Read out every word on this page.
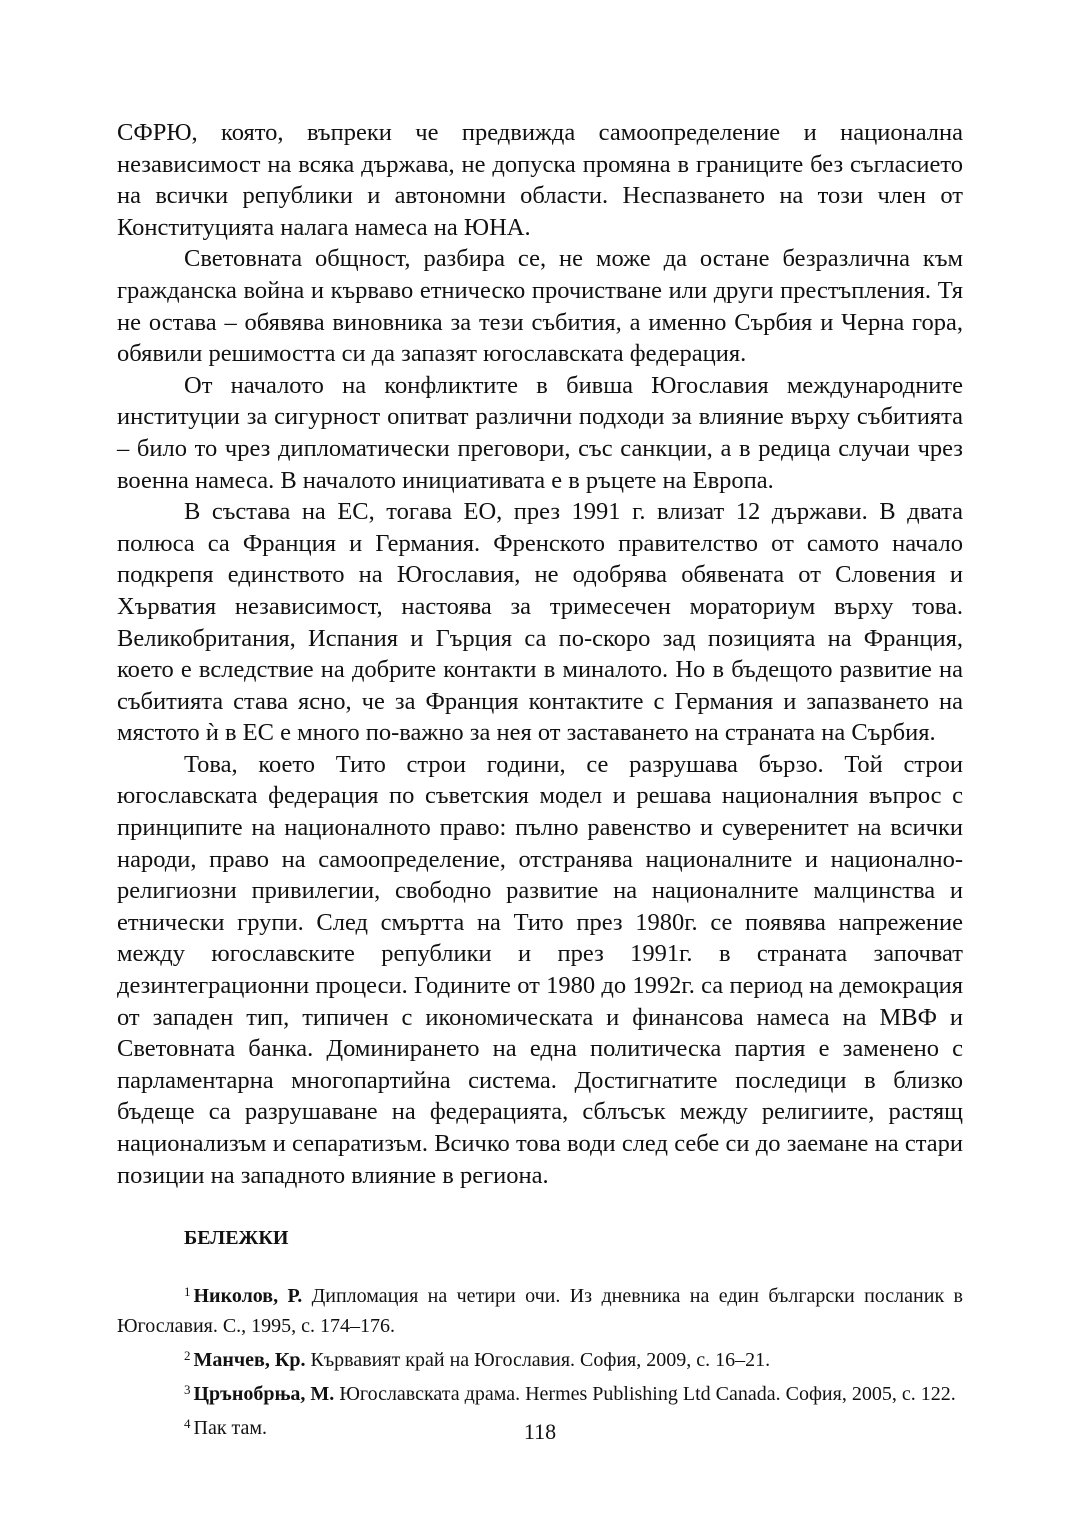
СФРЮ, която, въпреки че предвижда самоопределение и национална независимост на всяка държава, не допуска промяна в границите без съгласието на всички републики и автономни области. Неспазването на този член от Конституцията налага намеса на ЮНА.

Световната общност, разбира се, не може да остане безразлична към гражданска война и кърваво етническо прочистване или други престъпления. Тя не остава – обявява виновника за тези събития, а именно Сърбия и Черна гора, обявили решимостта си да запазят югославската федерация.

От началото на конфликтите в бивша Югославия международните институции за сигурност опитват различни подходи за влияние върху събитията – било то чрез дипломатически преговори, със санкции, а в редица случаи чрез военна намеса. В началото инициативата е в ръцете на Европа.

В състава на ЕС, тогава ЕО, през 1991 г. влизат 12 държави. В двата полюса са Франция и Германия. Френското правителство от самото начало подкрепя единството на Югославия, не одобрява обявената от Словения и Хърватия независимост, настоява за тримесечен мораториум върху това. Великобритания, Испания и Гърция са по-скоро зад позицията на Франция, което е вследствие на добрите контакти в миналото. Но в бъдещото развитие на събитията става ясно, че за Франция контактите с Германия и запазването на мястото ѝ в ЕС е много по-важно за нея от заставането на страната на Сърбия.

Това, което Тито строи години, се разрушава бързо. Той строи югославската федерация по съветския модел и решава националния въпрос с принципите на националното право: пълно равенство и суверенитет на всички народи, право на самоопределение, отстранява националните и национално-религиозни привилегии, свободно развитие на националните малцинства и етнически групи. След смъртта на Тито през 1980г. се появява напрежение между югославските републики и през 1991г. в страната започват дезинтеграционни процеси. Годините от 1980 до 1992г. са период на демокрация от западен тип, типичен с икономическата и финансова намеса на МВФ и Световната банка. Доминирането на една политическа партия е заменено с парламентарна многопартийна система. Достигнатите последици в близко бъдеще са разрушаване на федерацията, сблъсък между религиите, растящ национализъм и сепаратизъм. Всичко това води след себе си до заемане на стари позиции на западното влияние в региона.

БЕЛЕЖКИ

$^1$ Николов, Р. Дипломация на четири очи. Из дневника на един български посланик в Югославия. С., 1995, с. 174–176.

$^2$ Манчев, Кр. Кървавият край на Югославия. София, 2009, с. 16–21.

$^3$ Црънобрња, М. Югославската драма. Hermes Publishing Ltd Canada. София, 2005, с. 122.

$^4$ Пак там.	118
